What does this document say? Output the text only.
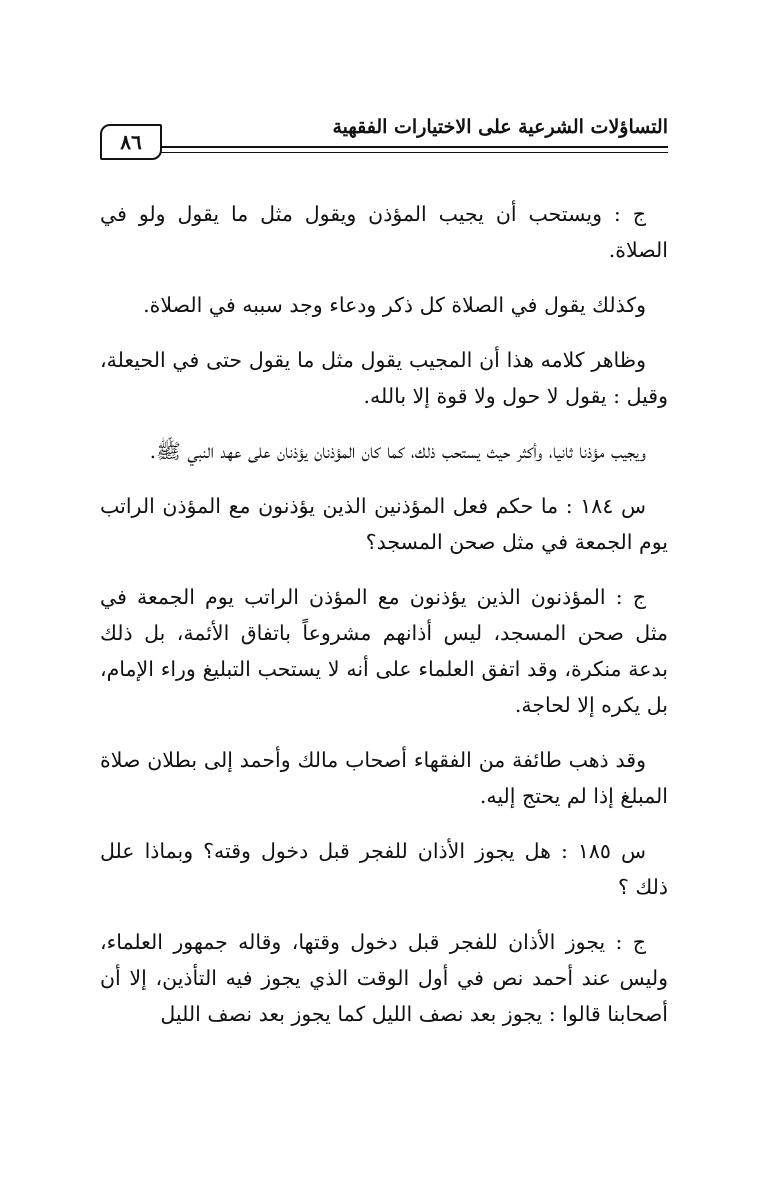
التساؤلات الشرعية على الاختيارات الفقهية
٨٦

ج : ويستحب أن يجيب المؤذن ويقول مثل ما يقول ولو في الصلاة.

وكذلك يقول في الصلاة كل ذكر ودعاء وجد سببه في الصلاة.

وظاهر كلامه هذا أن المجيب يقول مثل ما يقول حتى في الحيعلة، وقيل : يقول لا حول ولا قوة إلا بالله.

ويجيب مؤذنا ثانيا، وأكثر حيث يستحب ذلك، كما كان المؤذنان يؤذنان على عهد النبي ﷺ.

س ١٨٤ : ما حكم فعل المؤذنين الذين يؤذنون مع المؤذن الراتب يوم الجمعة في مثل صحن المسجد؟

ج : المؤذنون الذين يؤذنون مع المؤذن الراتب يوم الجمعة في مثل صحن المسجد، ليس أذانهم مشروعاً باتفاق الأئمة، بل ذلك بدعة منكرة، وقد اتفق العلماء على أنه لا يستحب التبليغ وراء الإمام، بل يكره إلا لحاجة.

وقد ذهب طائفة من الفقهاء أصحاب مالك وأحمد إلى بطلان صلاة المبلغ إذا لم يحتج إليه.

س ١٨٥ : هل يجوز الأذان للفجر قبل دخول وقته؟ وبماذا علل ذلك ؟

ج : يجوز الأذان للفجر قبل دخول وقتها، وقاله جمهور العلماء، وليس عند أحمد نص في أول الوقت الذي يجوز فيه التأذين، إلا أن أصحابنا قالوا : يجوز بعد نصف الليل كما يجوز بعد نصف الليل
